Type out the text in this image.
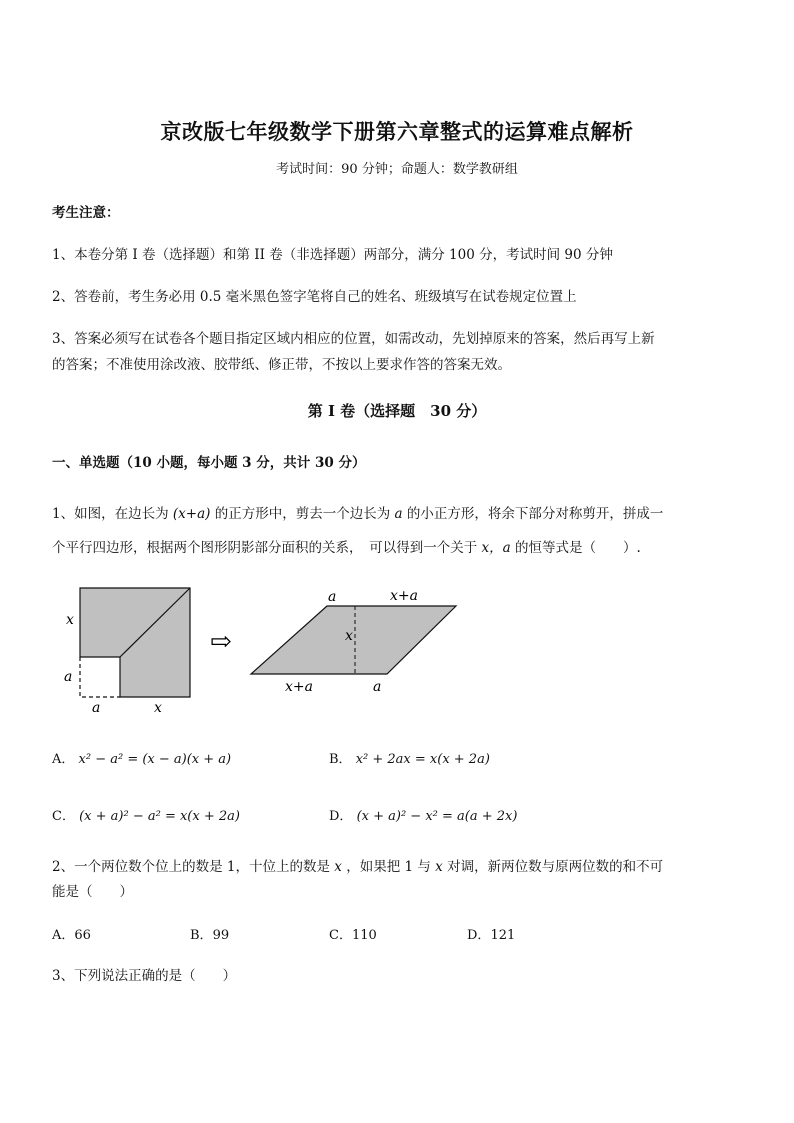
京改版七年级数学下册第六章整式的运算难点解析
考试时间：90 分钟；命题人：数学教研组
考生注意：
1、本卷分第 I 卷（选择题）和第 II 卷（非选择题）两部分，满分 100 分，考试时间 90 分钟
2、答卷前，考生务必用 0.5 毫米黑色签字笔将自己的姓名、班级填写在试卷规定位置上
3、答案必须写在试卷各个题目指定区域内相应的位置，如需改动，先划掉原来的答案，然后再写上新
的答案；不准使用涂改液、胶带纸、修正带，不按以上要求作答的答案无效。
第 I 卷（选择题　30 分）
一、单选题（10 小题，每小题 3 分，共计 30 分）
1、如图，在边长为 (x+a) 的正方形中，剪去一个边长为 a 的小正方形，将余下部分对称剪开，拼成一
个平行四边形，根据两个图形阴影部分面积的关系，　可以得到一个关于 x，a 的恒等式是（　　）.
x
a
a	x
⇨
a	x+a
x
x+a	a
A． x² − a² = (x − a)(x + a)	B． x² + 2ax = x(x + 2a)
C． (x + a)² − a² = x(x + 2a)	D． (x + a)² − x² = a(a + 2x)
2、一个两位数个位上的数是 1，十位上的数是 x ，如果把 1 与 x 对调，新两位数与原两位数的和不可
能是（　　）
A．66	B．99	C．110	D．121
3、下列说法正确的是（　　）
